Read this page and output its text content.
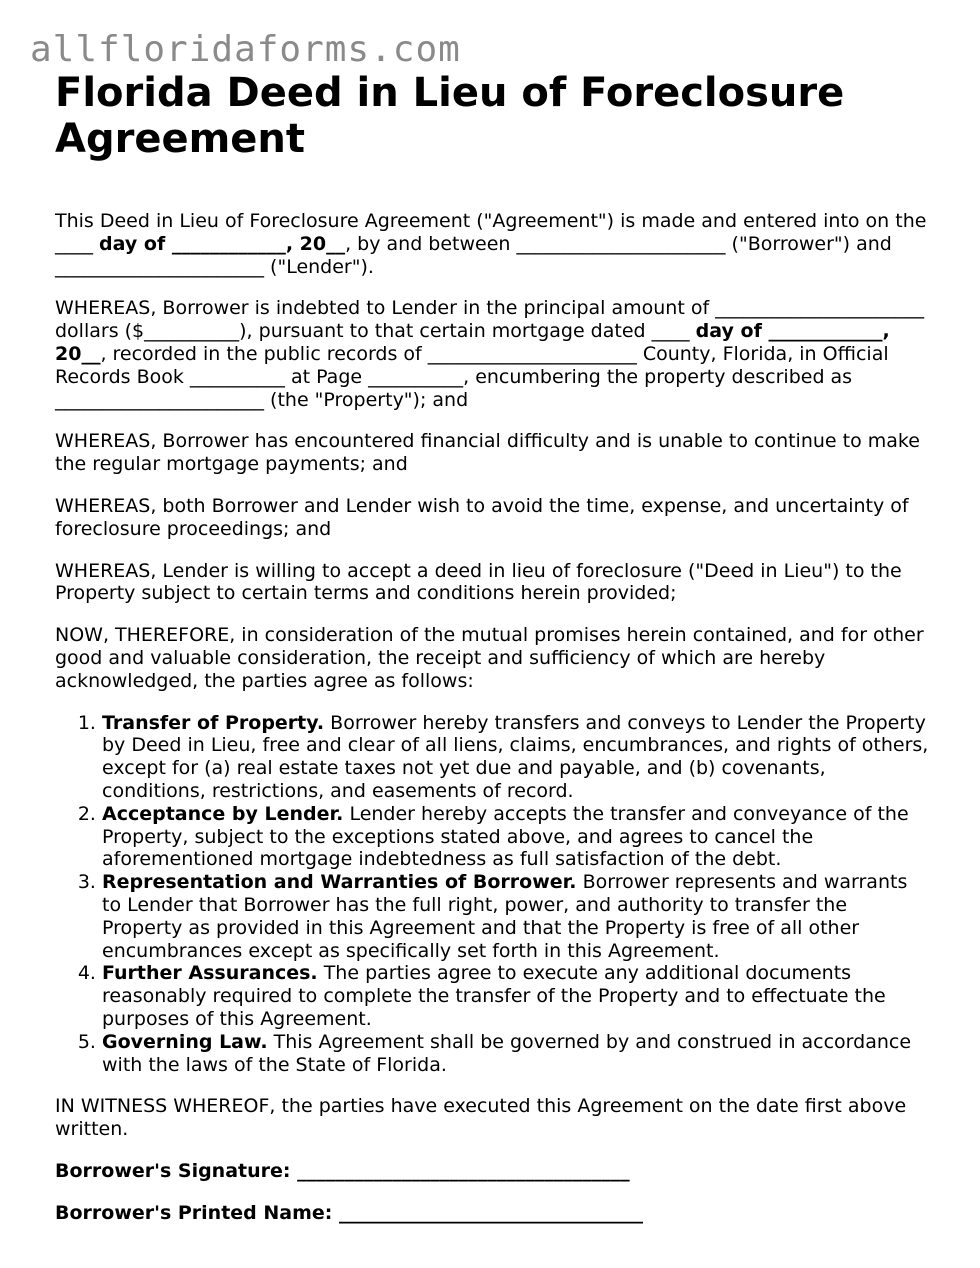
allfloridaforms.com
Florida Deed in Lieu of Foreclosure Agreement

This Deed in Lieu of Foreclosure Agreement ("Agreement") is made and entered into on the ____ day of ____________, 20__, by and between ______________________ ("Borrower") and ______________________ ("Lender").

WHEREAS, Borrower is indebted to Lender in the principal amount of ______________________ dollars ($__________), pursuant to that certain mortgage dated ____ day of ____________, 20__, recorded in the public records of ______________________ County, Florida, in Official Records Book __________ at Page __________, encumbering the property described as ______________________ (the "Property"); and

WHEREAS, Borrower has encountered financial difficulty and is unable to continue to make the regular mortgage payments; and

WHEREAS, both Borrower and Lender wish to avoid the time, expense, and uncertainty of foreclosure proceedings; and

WHEREAS, Lender is willing to accept a deed in lieu of foreclosure ("Deed in Lieu") to the Property subject to certain terms and conditions herein provided;

NOW, THEREFORE, in consideration of the mutual promises herein contained, and for other good and valuable consideration, the receipt and sufficiency of which are hereby acknowledged, the parties agree as follows:

1. Transfer of Property. Borrower hereby transfers and conveys to Lender the Property by Deed in Lieu, free and clear of all liens, claims, encumbrances, and rights of others, except for (a) real estate taxes not yet due and payable, and (b) covenants, conditions, restrictions, and easements of record.
2. Acceptance by Lender. Lender hereby accepts the transfer and conveyance of the Property, subject to the exceptions stated above, and agrees to cancel the aforementioned mortgage indebtedness as full satisfaction of the debt.
3. Representation and Warranties of Borrower. Borrower represents and warrants to Lender that Borrower has the full right, power, and authority to transfer the Property as provided in this Agreement and that the Property is free of all other encumbrances except as specifically set forth in this Agreement.
4. Further Assurances. The parties agree to execute any additional documents reasonably required to complete the transfer of the Property and to effectuate the purposes of this Agreement.
5. Governing Law. This Agreement shall be governed by and construed in accordance with the laws of the State of Florida.

IN WITNESS WHEREOF, the parties have executed this Agreement on the date first above written.

Borrower's Signature: ___________________________________

Borrower's Printed Name: ________________________________
